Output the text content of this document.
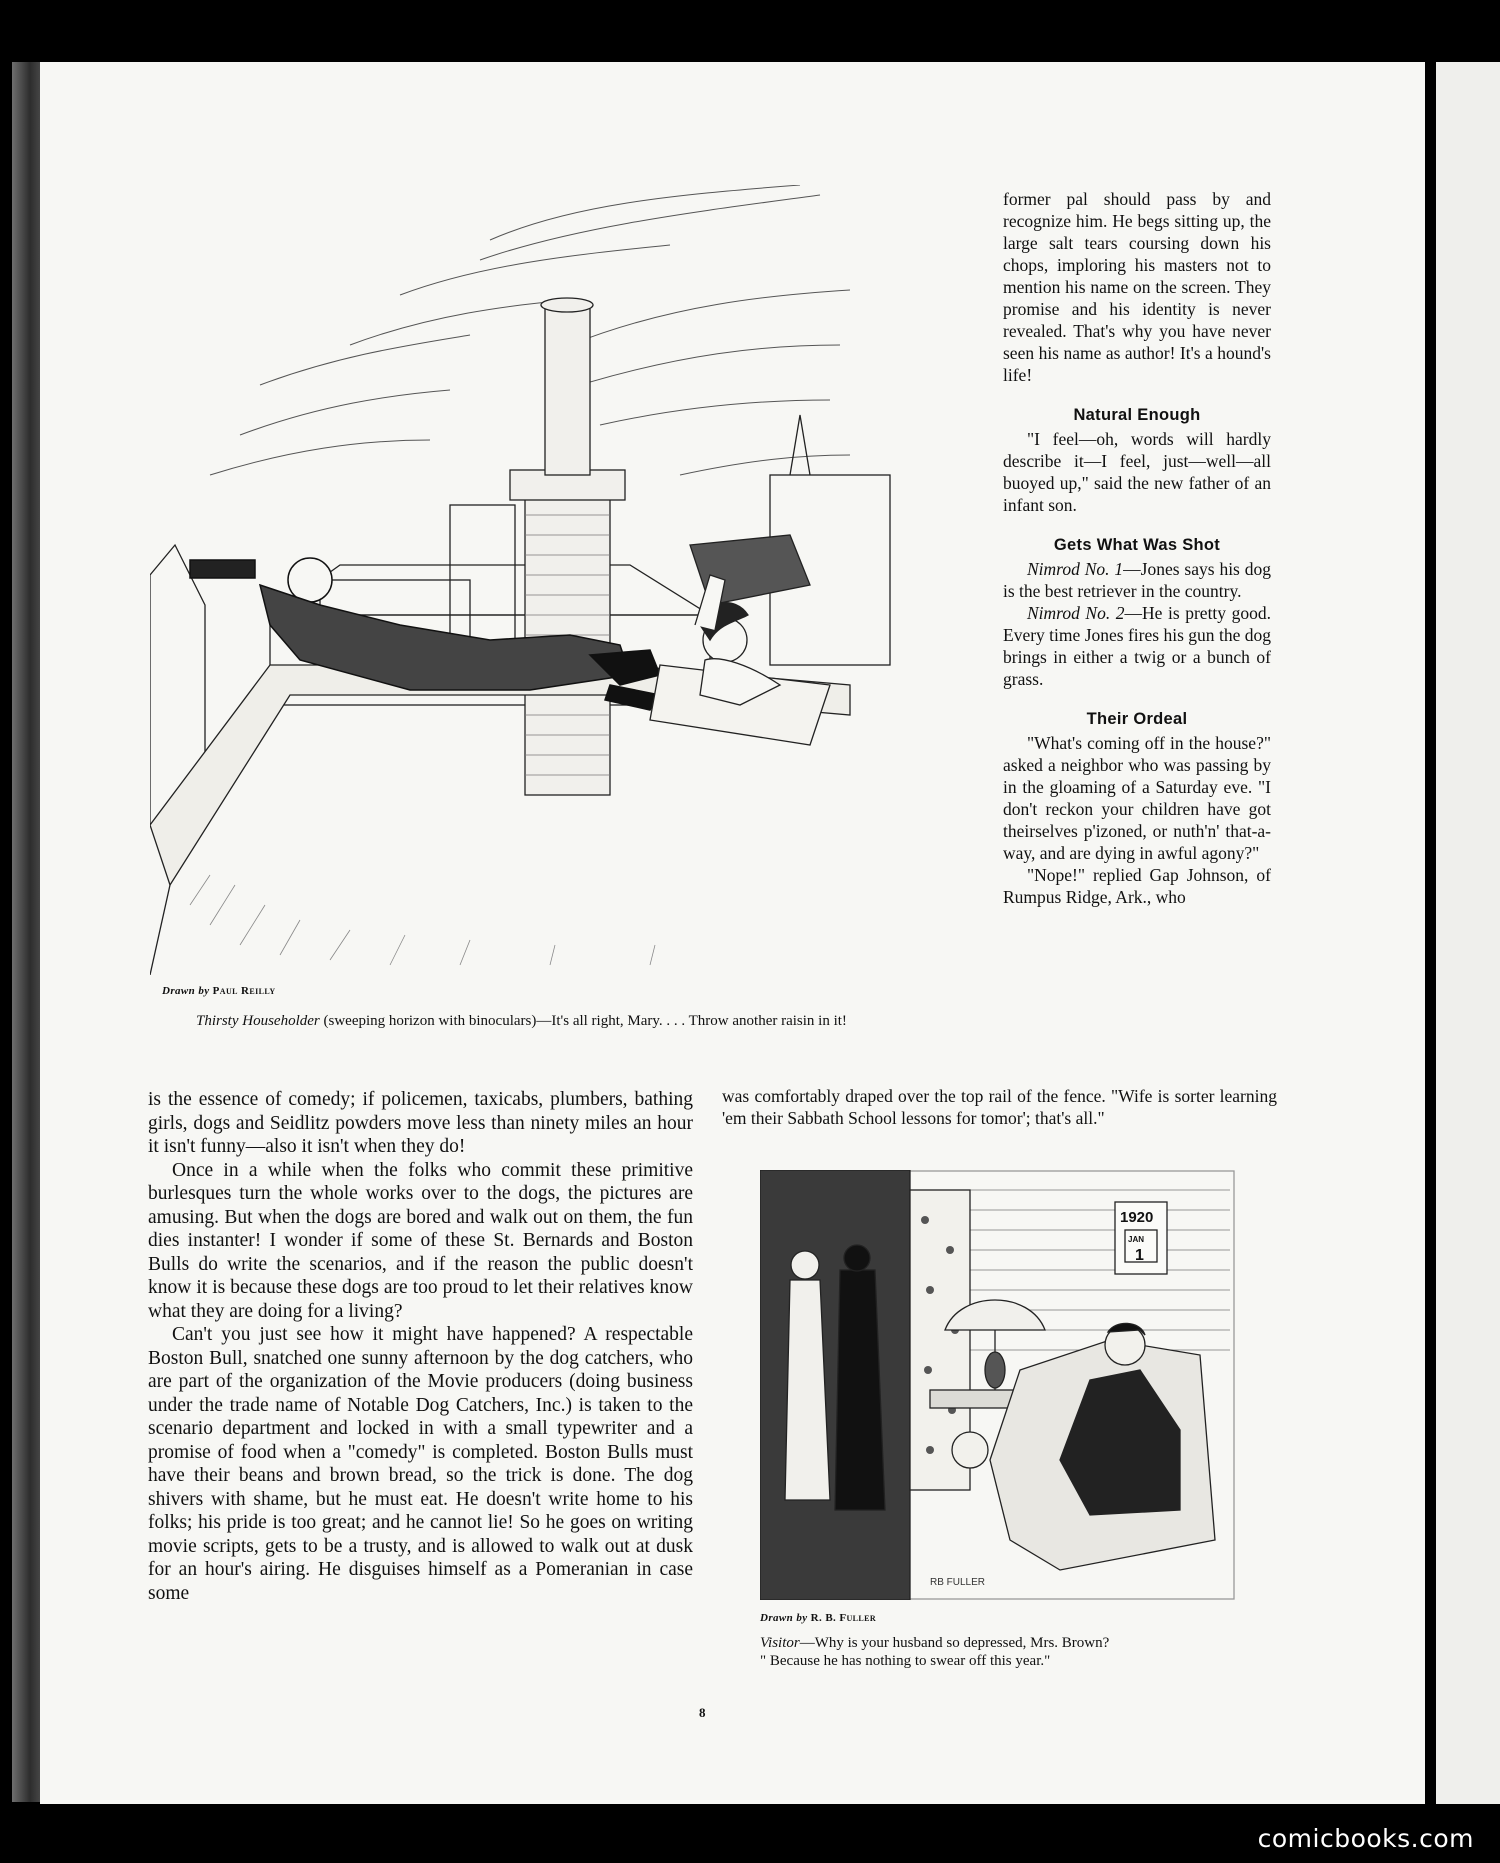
Drawn by Paul Reilly
Thirsty Householder (sweeping horizon with binoculars)—It's all right, Mary. . . . Throw another raisin in it!

former pal should pass by and recognize him. He begs sitting up, the large salt tears coursing down his chops, imploring his masters not to mention his name on the screen. They promise and his identity is never revealed. That's why you have never seen his name as author! It's a hound's life!

Natural Enough

"I feel—oh, words will hardly describe it—I feel, just—well—all buoyed up," said the new father of an infant son.

Gets What Was Shot

Nimrod No. 1—Jones says his dog is the best retriever in the country.

Nimrod No. 2—He is pretty good. Every time Jones fires his gun the dog brings in either a twig or a bunch of grass.

Their Ordeal

"What's coming off in the house?" asked a neighbor who was passing by in the gloaming of a Saturday eve. "I don't reckon your children have got theirselves p'izoned, or nuth'n' that-a-way, and are dying in awful agony?"

"Nope!" replied Gap Johnson, of Rumpus Ridge, Ark., who

is the essence of comedy; if policemen, taxicabs, plumbers, bathing girls, dogs and Seidlitz powders move less than ninety miles an hour it isn't funny—also it isn't when they do!

Once in a while when the folks who commit these primitive burlesques turn the whole works over to the dogs, the pictures are amusing. But when the dogs are bored and walk out on them, the fun dies instanter! I wonder if some of these St. Bernards and Boston Bulls do write the scenarios, and if the reason the public doesn't know it is because these dogs are too proud to let their relatives know what they are doing for a living?

Can't you just see how it might have happened? A respectable Boston Bull, snatched one sunny afternoon by the dog catchers, who are part of the organization of the Movie producers (doing business under the trade name of Notable Dog Catchers, Inc.) is taken to the scenario department and locked in with a small typewriter and a promise of food when a "comedy" is completed. Boston Bulls must have their beans and brown bread, so the trick is done. The dog shivers with shame, but he must eat. He doesn't write home to his folks; his pride is too great; and he cannot lie! So he goes on writing movie scripts, gets to be a trusty, and is allowed to walk out at dusk for an hour's airing. He disguises himself as a Pomeranian in case some

was comfortably draped over the top rail of the fence. "Wife is sorter learning 'em their Sabbath School lessons for tomor'; that's all."

1920
JAN
1
RB FULLER
Drawn by R. B. Fuller
Visitor—Why is your husband so depressed, Mrs. Brown?
" Because he has nothing to swear off this year."
8
comicbooks.com
